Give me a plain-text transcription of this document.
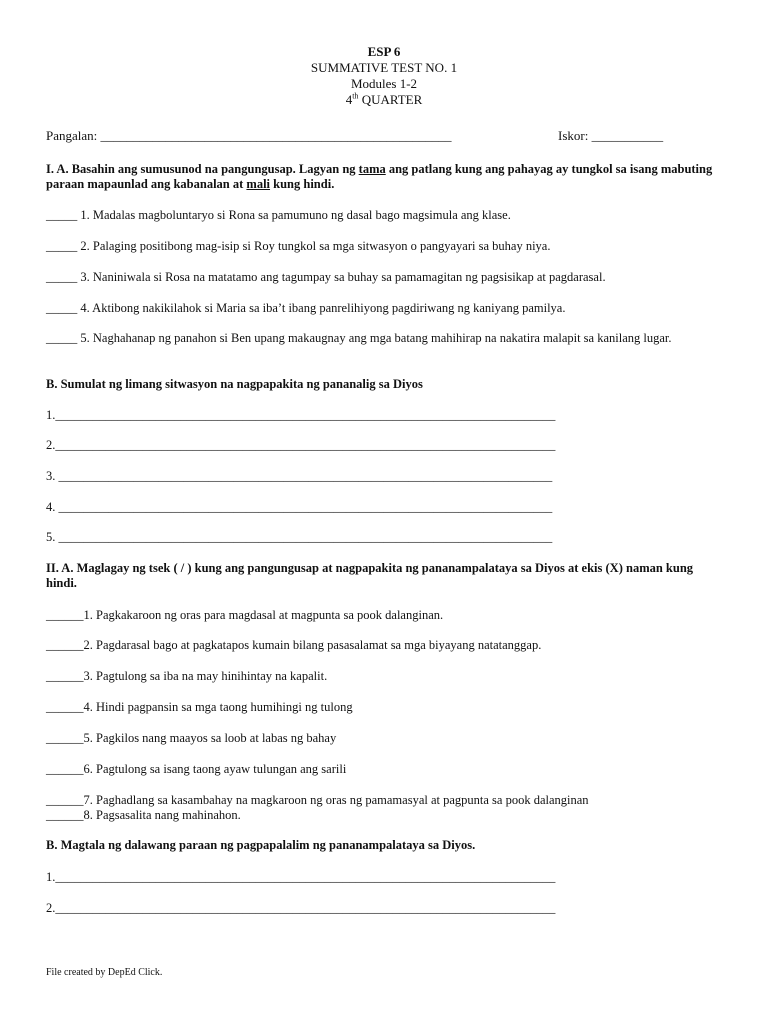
ESP 6
SUMMATIVE TEST NO. 1
Modules 1-2
4th QUARTER
Pangalan: ______________________________________________________	Iskor: ___________
I. A. Basahin ang sumusunod na pangungusap. Lagyan ng tama ang patlang kung ang pahayag ay tungkol sa isang mabuting paraan mapaunlad ang kabanalan at mali kung hindi.
_____ 1. Madalas magboluntaryo si Rona sa pamumuno ng dasal bago magsimula ang klase.
_____ 2. Palaging positibong mag-isip si Roy tungkol sa mga sitwasyon o pangyayari sa buhay niya.
_____ 3. Naniniwala si Rosa na matatamo ang tagumpay sa buhay sa pamamagitan ng pagsisikap at pagdarasal.
_____ 4. Aktibong nakikilahok si Maria sa iba’t ibang panrelihiyong pagdiriwang ng kaniyang pamilya.
_____ 5. Naghahanap ng panahon si Ben upang makaugnay ang mga batang mahihirap na nakatira malapit sa kanilang lugar.
B. Sumulat ng limang sitwasyon na nagpapakita ng pananalig sa Diyos
1.________________________________________________________________________________
2.________________________________________________________________________________
3. _______________________________________________________________________________
4. _______________________________________________________________________________
5. _______________________________________________________________________________
II. A. Maglagay ng tsek ( / ) kung ang pangungusap at nagpapakita ng pananampalataya sa Diyos at ekis (X) naman kung hindi.
______1. Pagkakaroon ng oras para magdasal at magpunta sa pook dalanginan.
______2. Pagdarasal bago at pagkatapos kumain bilang pasasalamat sa mga biyayang natatanggap.
______3. Pagtulong sa iba na may hinihintay na kapalit.
______4. Hindi pagpansin sa mga taong humihingi ng tulong
______5. Pagkilos nang maayos sa loob at labas ng bahay
______6. Pagtulong sa isang taong ayaw tulungan ang sarili
______7. Paghadlang sa kasambahay na magkaroon ng oras ng pamamasyal at pagpunta sa pook dalanginan
______8. Pagsasalita nang mahinahon.
B. Magtala ng dalawang paraan ng pagpapalalim ng pananampalataya sa Diyos.
1.________________________________________________________________________________
2.________________________________________________________________________________
File created by DepEd Click.
